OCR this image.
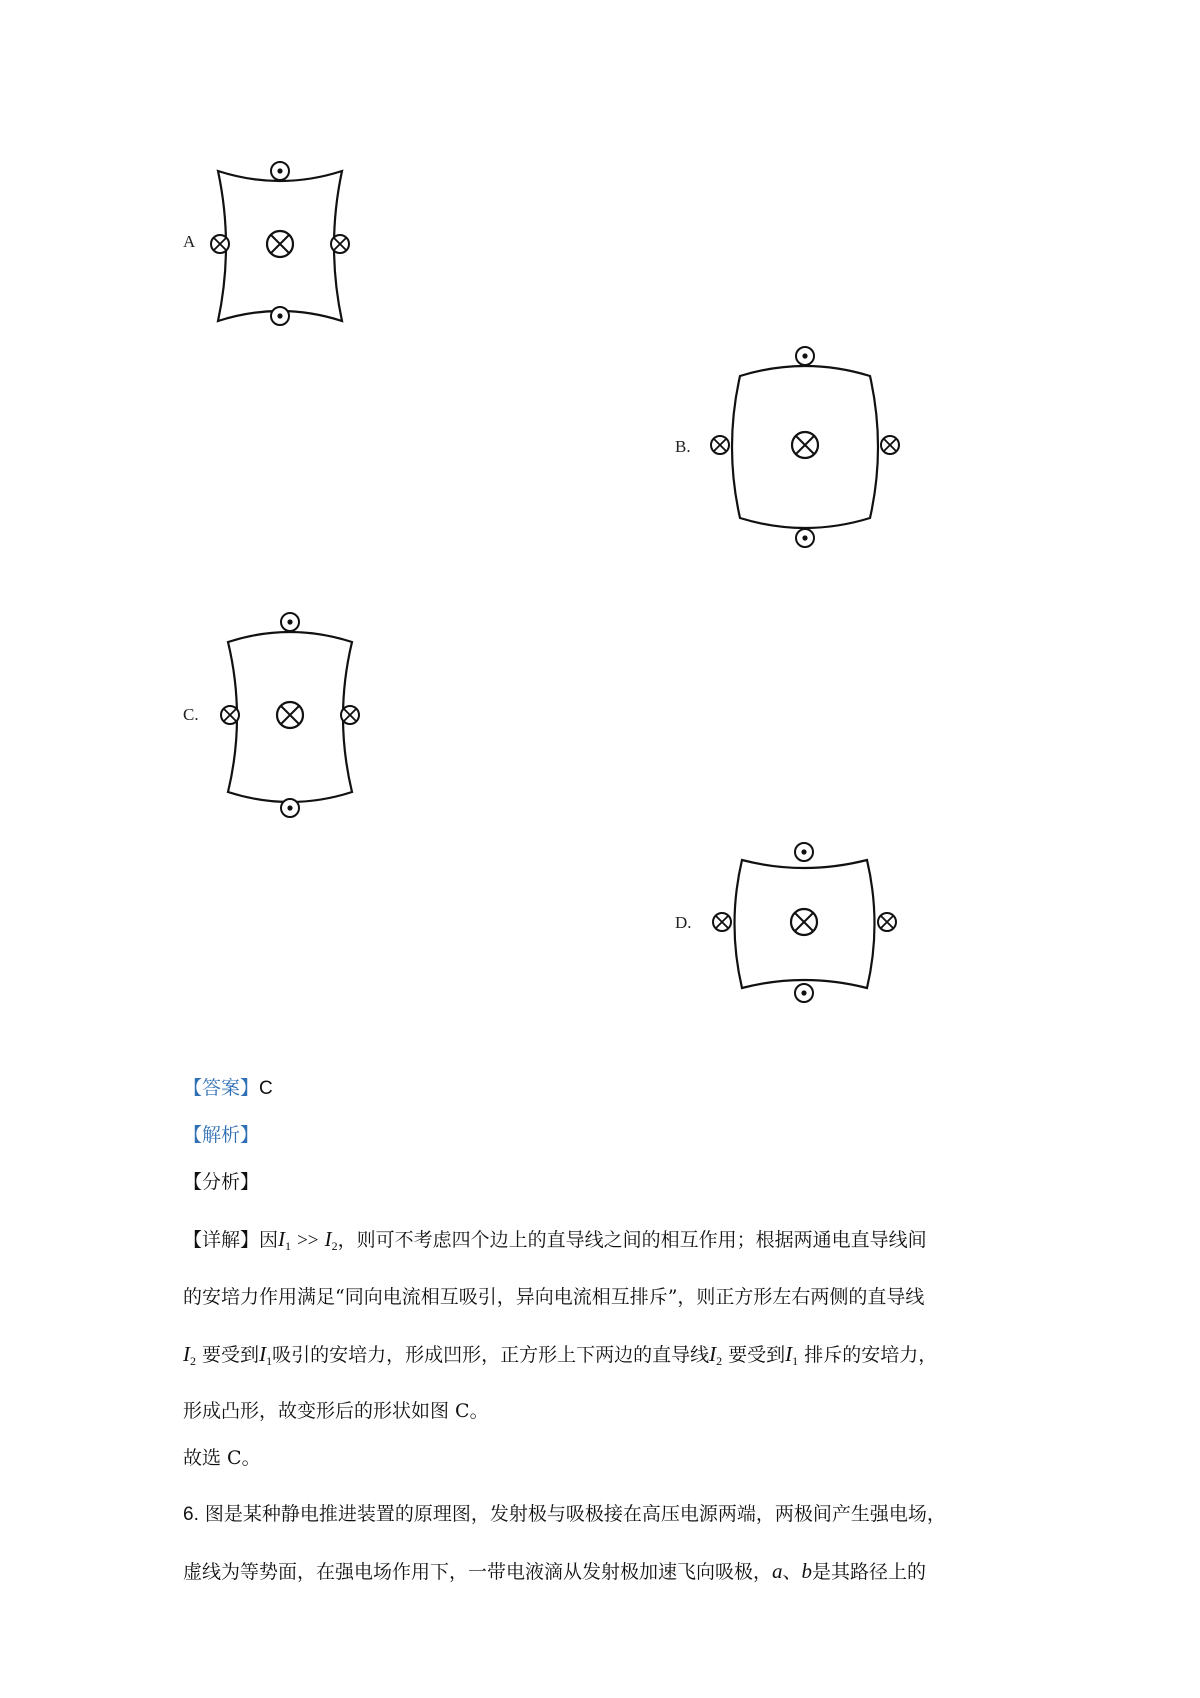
A
B.
C.
D.
【答案】C
【解析】
【分析】
【详解】因$I_1 >> I_2$，则可不考虑四个边上的直导线之间的相互作用；根据两通电直导线间
的安培力作用满足“同向电流相互吸引，异向电流相互排斥”，则正方形左右两侧的直导线
$I_2$ 要受到$I_1$吸引的安培力，形成凹形，正方形上下两边的直导线$I_2$ 要受到$I_1$ 排斥的安培力，
形成凸形，故变形后的形状如图 C。
故选 C。
6. 图是某种静电推进装置的原理图，发射极与吸极接在高压电源两端，两极间产生强电场，
虚线为等势面，在强电场作用下，一带电液滴从发射极加速飞向吸极，a、b是其路径上的
